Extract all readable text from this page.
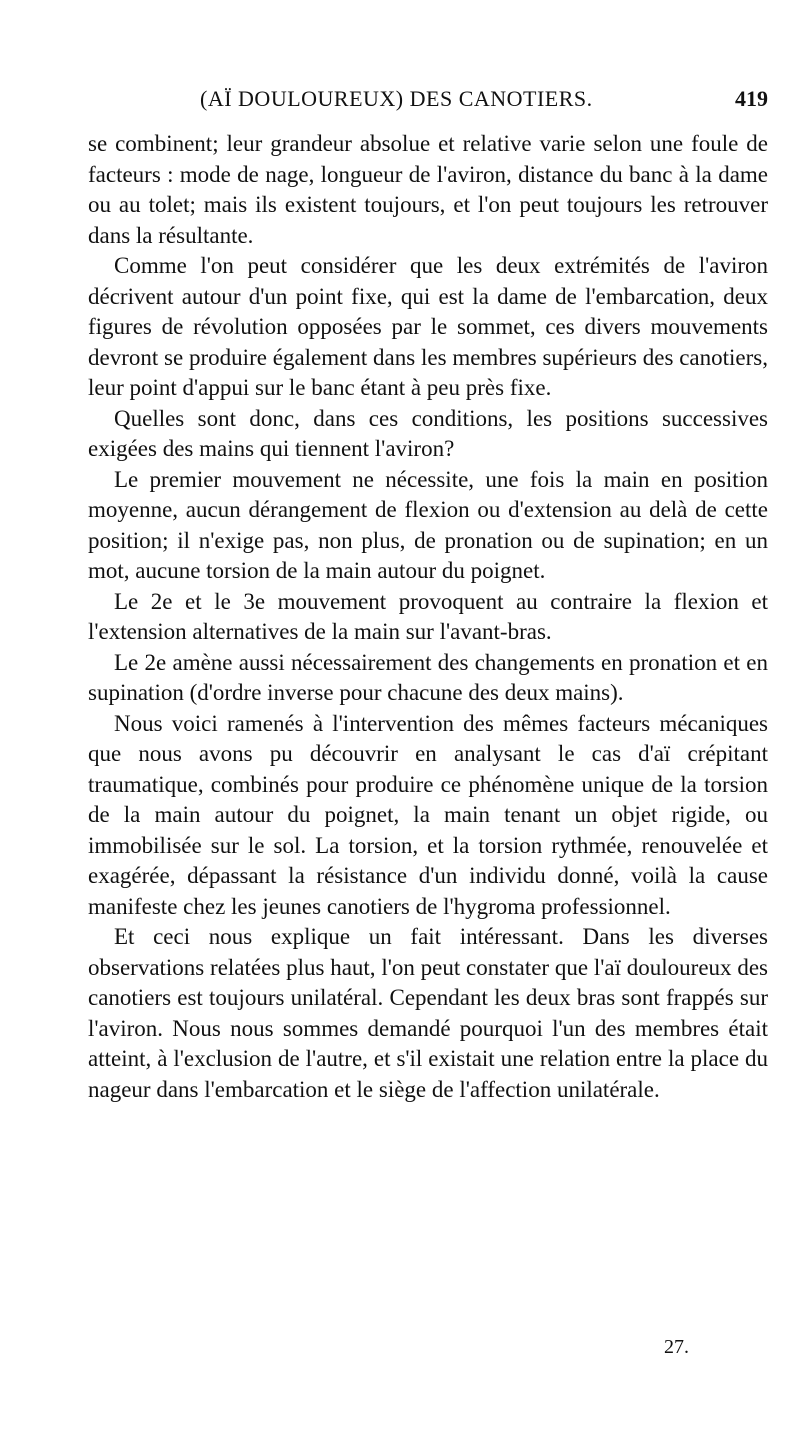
(AÏ DOULOUREUX) DES CANOTIERS.	419

se combinent; leur grandeur absolue et relative varie selon une foule de facteurs : mode de nage, longueur de l'aviron, distance du banc à la dame ou au tolet; mais ils existent toujours, et l'on peut toujours les retrouver dans la résultante.

Comme l'on peut considérer que les deux extrémités de l'aviron décrivent autour d'un point fixe, qui est la dame de l'embarcation, deux figures de révolution opposées par le sommet, ces divers mouvements devront se produire également dans les membres supérieurs des canotiers, leur point d'appui sur le banc étant à peu près fixe.

Quelles sont donc, dans ces conditions, les positions successives exigées des mains qui tiennent l'aviron?

Le premier mouvement ne nécessite, une fois la main en position moyenne, aucun dérangement de flexion ou d'extension au delà de cette position; il n'exige pas, non plus, de pronation ou de supination; en un mot, aucune torsion de la main autour du poignet.

Le 2e et le 3e mouvement provoquent au contraire la flexion et l'extension alternatives de la main sur l'avant-bras.

Le 2e amène aussi nécessairement des changements en pronation et en supination (d'ordre inverse pour chacune des deux mains).

Nous voici ramenés à l'intervention des mêmes facteurs mécaniques que nous avons pu découvrir en analysant le cas d'aï crépitant traumatique, combinés pour produire ce phénomène unique de la torsion de la main autour du poignet, la main tenant un objet rigide, ou immobilisée sur le sol. La torsion, et la torsion rythmée, renouvelée et exagérée, dépassant la résistance d'un individu donné, voilà la cause manifeste chez les jeunes canotiers de l'hygroma professionnel.

Et ceci nous explique un fait intéressant. Dans les diverses observations relatées plus haut, l'on peut constater que l'aï douloureux des canotiers est toujours unilatéral. Cependant les deux bras sont frappés sur l'aviron. Nous nous sommes demandé pourquoi l'un des membres était atteint, à l'exclusion de l'autre, et s'il existait une relation entre la place du nageur dans l'embarcation et le siège de l'affection unilatérale.

27.
